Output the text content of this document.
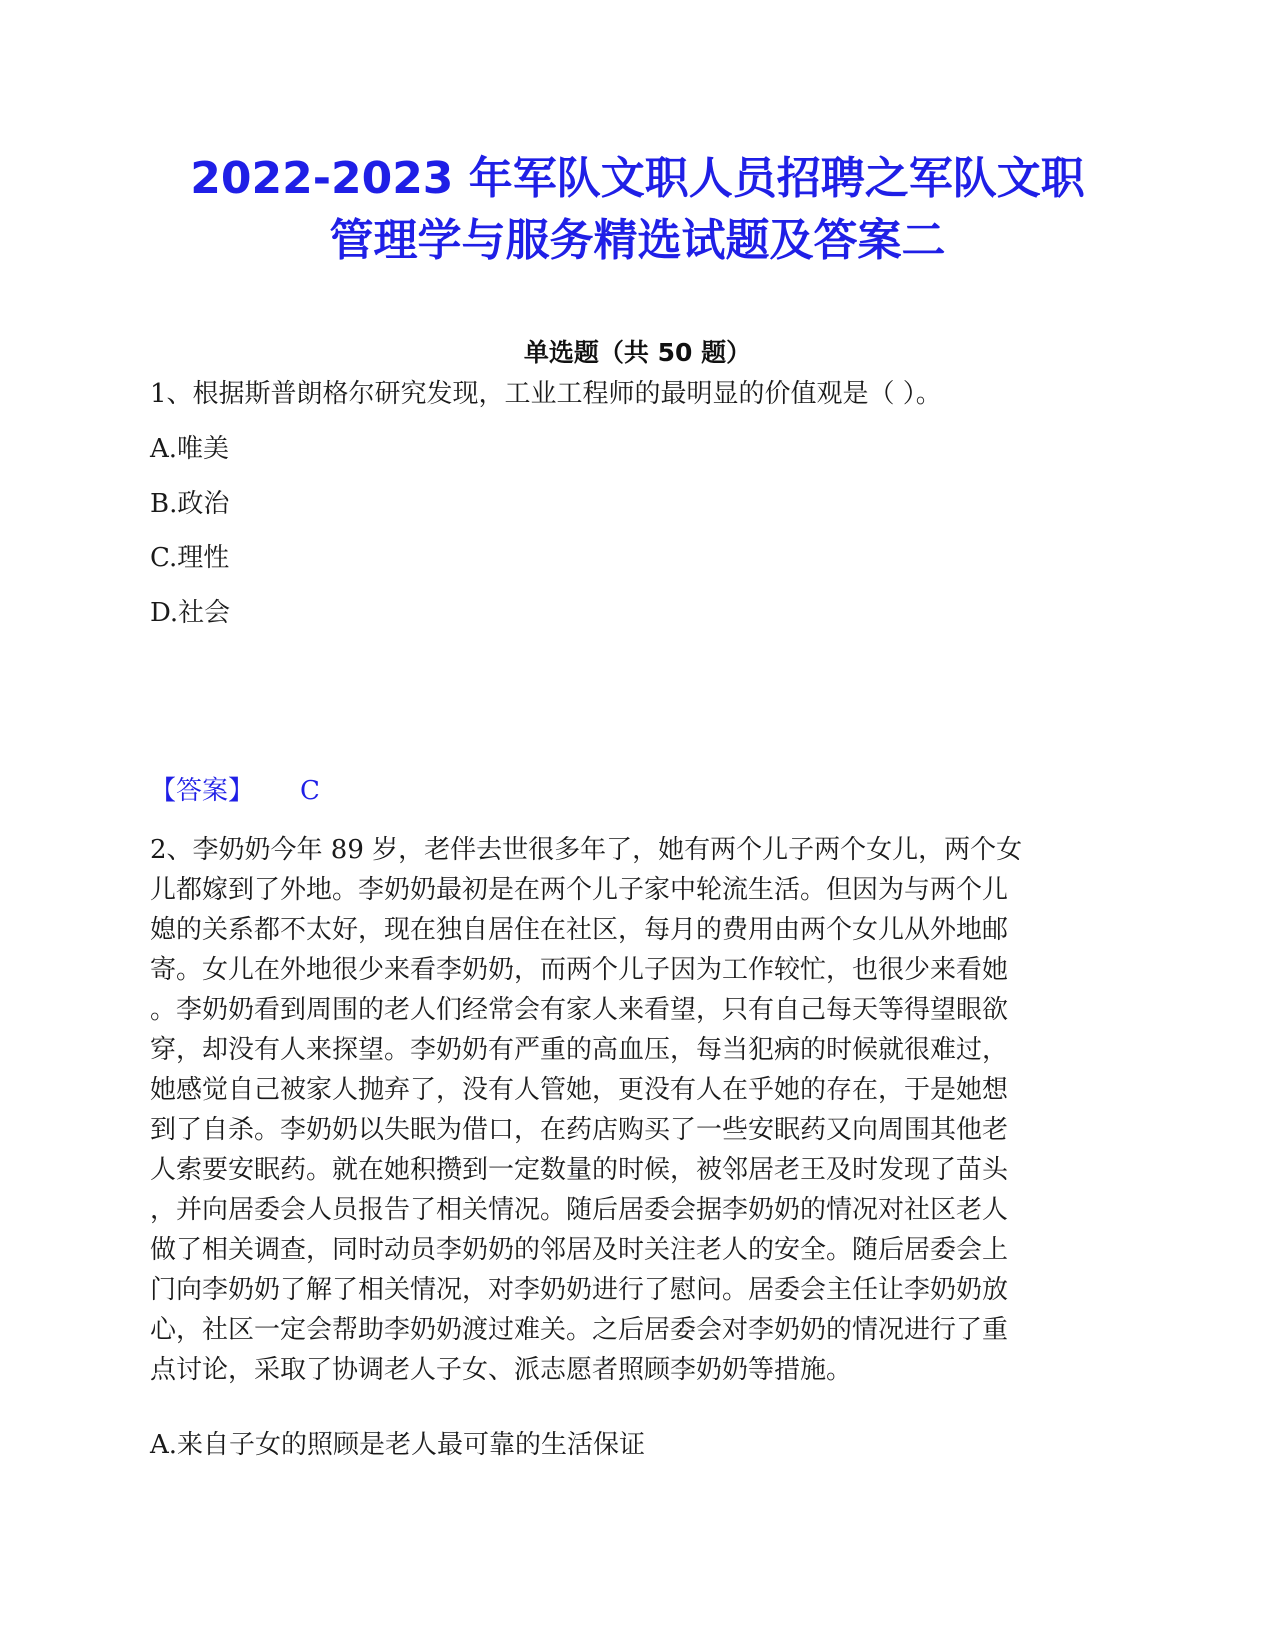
2022-2023 年军队文职人员招聘之军队文职
管理学与服务精选试题及答案二
单选题（共 50 题）
1、根据斯普朗格尔研究发现，工业工程师的最明显的价值观是（ ）。
A.唯美
B.政治
C.理性
D.社会
【答案】 C
2、李奶奶今年 89 岁，老伴去世很多年了，她有两个儿子两个女儿，两个女
儿都嫁到了外地。李奶奶最初是在两个儿子家中轮流生活。但因为与两个儿
媳的关系都不太好，现在独自居住在社区，每月的费用由两个女儿从外地邮
寄。女儿在外地很少来看李奶奶，而两个儿子因为工作较忙，也很少来看她
。李奶奶看到周围的老人们经常会有家人来看望，只有自己每天等得望眼欲
穿，却没有人来探望。李奶奶有严重的高血压，每当犯病的时候就很难过，
她感觉自己被家人抛弃了，没有人管她，更没有人在乎她的存在，于是她想
到了自杀。李奶奶以失眠为借口，在药店购买了一些安眠药又向周围其他老
人索要安眠药。就在她积攒到一定数量的时候，被邻居老王及时发现了苗头
，并向居委会人员报告了相关情况。随后居委会据李奶奶的情况对社区老人
做了相关调查，同时动员李奶奶的邻居及时关注老人的安全。随后居委会上
门向李奶奶了解了相关情况，对李奶奶进行了慰问。居委会主任让李奶奶放
心，社区一定会帮助李奶奶渡过难关。之后居委会对李奶奶的情况进行了重
点讨论，采取了协调老人子女、派志愿者照顾李奶奶等措施。
A.来自子女的照顾是老人最可靠的生活保证
